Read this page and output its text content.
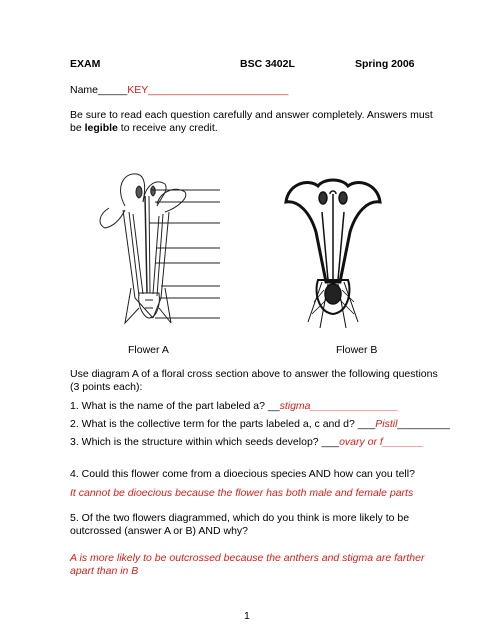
EXAM	BSC 3402L	Spring 2006
Name_____KEY________________________
Be sure to read each question carefully and answer completely. Answers must be legible to receive any credit.
Flower A	Flower B
Use diagram A of a floral cross section above to answer the following questions (3 points each):
1. What is the name of the part labeled a? __stigma_______________
2. What is the collective term for the parts labeled a, c and d? ___Pistil_________
3. Which is the structure within which seeds develop? ___ovary or f_______
4. Could this flower come from a dioecious species AND how can you tell?
It cannot be dioecious because the flower has both male and female parts
5. Of the two flowers diagrammed, which do you think is more likely to be outcrossed (answer A or B) AND why?
A is more likely to be outcrossed because the anthers and stigma are farther apart than in B
1
